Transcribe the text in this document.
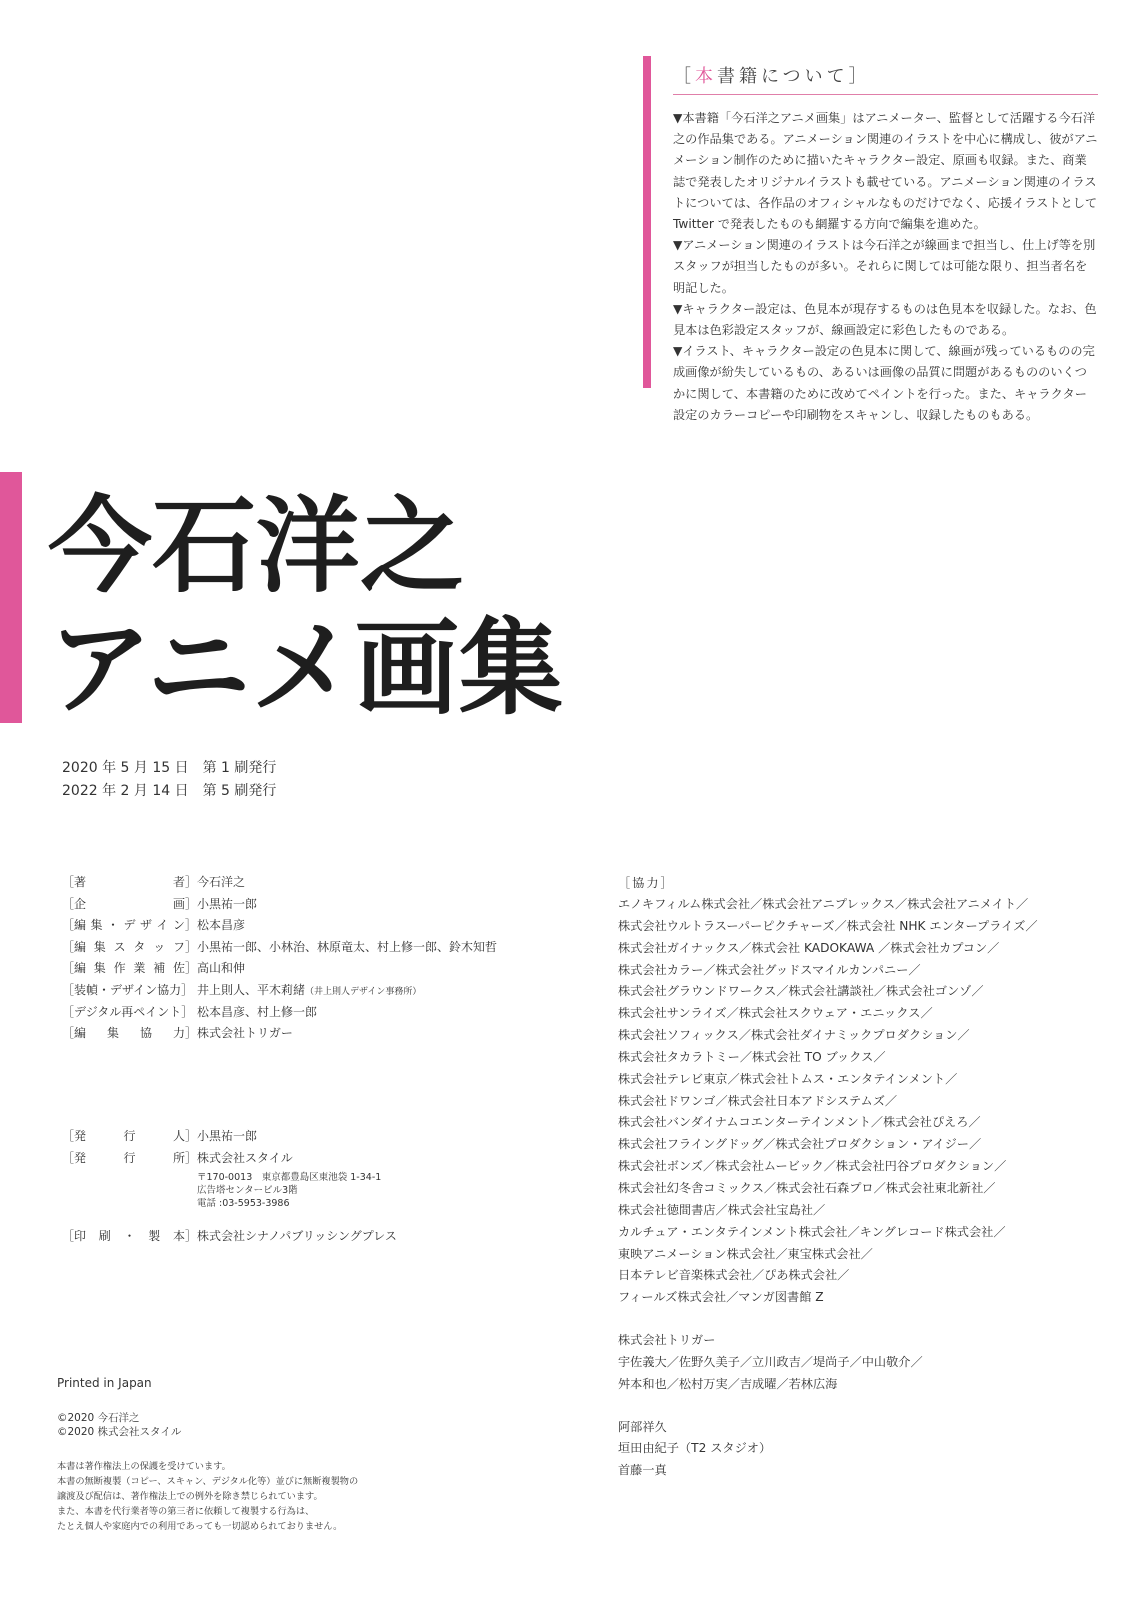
［本書籍について］

▼本書籍「今石洋之アニメ画集」はアニメーター、監督として活躍する今石洋之の作品集である。アニメーション関連のイラストを中心に構成し、彼がアニメーション制作のために描いたキャラクター設定、原画も収録。また、商業誌で発表したオリジナルイラストも載せている。アニメーション関連のイラストについては、各作品のオフィシャルなものだけでなく、応援イラストとして Twitter で発表したものも網羅する方向で編集を進めた。

▼アニメーション関連のイラストは今石洋之が線画まで担当し、仕上げ等を別スタッフが担当したものが多い。それらに関しては可能な限り、担当者名を明記した。

▼キャラクター設定は、色見本が現存するものは色見本を収録した。なお、色見本は色彩設定スタッフが、線画設定に彩色したものである。

▼イラスト、キャラクター設定の色見本に関して、線画が残っているものの完成画像が紛失しているもの、あるいは画像の品質に問題があるもののいくつかに関して、本書籍のために改めてペイントを行った。また、キャラクター設定のカラーコピーや印刷物をスキャンし、収録したものもある。

今石洋之
アニメ画集
2020 年 5 月 15 日　第 1 刷発行
2022 年 2 月 14 日　第 5 刷発行
［著	者］ 今石洋之
［企	画］ 小黒祐一郎
［編 集 ・ デ ザ イ ン］ 松本昌彦
［編 集 ス タ ッ フ］ 小黒祐一郎、小林治、林原竜太、村上修一郎、鈴木知哲
［編 集 作 業 補 佐］ 高山和伸
［装幀・デザイン協力］ 井上則人、平木莉緒（井上則人デザイン事務所）
［デジタル再ペイント］ 松本昌彦、村上修一郎
［編 集 協 力］ 株式会社トリガー
［発	行	人］ 小黒祐一郎
［発	行	所］ 株式会社スタイル
〒170-0013　東京都豊島区東池袋 1-34-1
広告塔センタービル3階
電話 :03-5953-3986
［印 刷 ・ 製 本］ 株式会社シナノパブリッシングプレス
Printed in Japan
©2020 今石洋之
©2020 株式会社スタイル
本書は著作権法上の保護を受けています。
本書の無断複製（コピー、スキャン、デジタル化等）並びに無断複製物の
譲渡及び配信は、著作権法上での例外を除き禁じられています。
また、本書を代行業者等の第三者に依頼して複製する行為は、
たとえ個人や家庭内での利用であっても一切認められておりません。
［協力］
エノキフィルム株式会社／株式会社アニプレックス／株式会社アニメイト／
株式会社ウルトラスーパーピクチャーズ／株式会社 NHK エンタープライズ／
株式会社ガイナックス／株式会社 KADOKAWA ／株式会社カプコン／
株式会社カラー／株式会社グッドスマイルカンパニー／
株式会社グラウンドワークス／株式会社講談社／株式会社ゴンゾ／
株式会社サンライズ／株式会社スクウェア・エニックス／
株式会社ソフィックス／株式会社ダイナミックプロダクション／
株式会社タカラトミー／株式会社 TO ブックス／
株式会社テレビ東京／株式会社トムス・エンタテインメント／
株式会社ドワンゴ／株式会社日本アドシステムズ／
株式会社バンダイナムコエンターテインメント／株式会社ぴえろ／
株式会社フライングドッグ／株式会社プロダクション・アイジー／
株式会社ボンズ／株式会社ムービック／株式会社円谷プロダクション／
株式会社幻冬舎コミックス／株式会社石森プロ／株式会社東北新社／
株式会社徳間書店／株式会社宝島社／
カルチュア・エンタテインメント株式会社／キングレコード株式会社／
東映アニメーション株式会社／東宝株式会社／
日本テレビ音楽株式会社／ぴあ株式会社／
フィールズ株式会社／マンガ図書館 Z
株式会社トリガー
宇佐義大／佐野久美子／立川政吉／堤尚子／中山敬介／
舛本和也／松村万実／吉成曜／若林広海
阿部祥久
垣田由紀子（T2 スタジオ）
首藤一真
